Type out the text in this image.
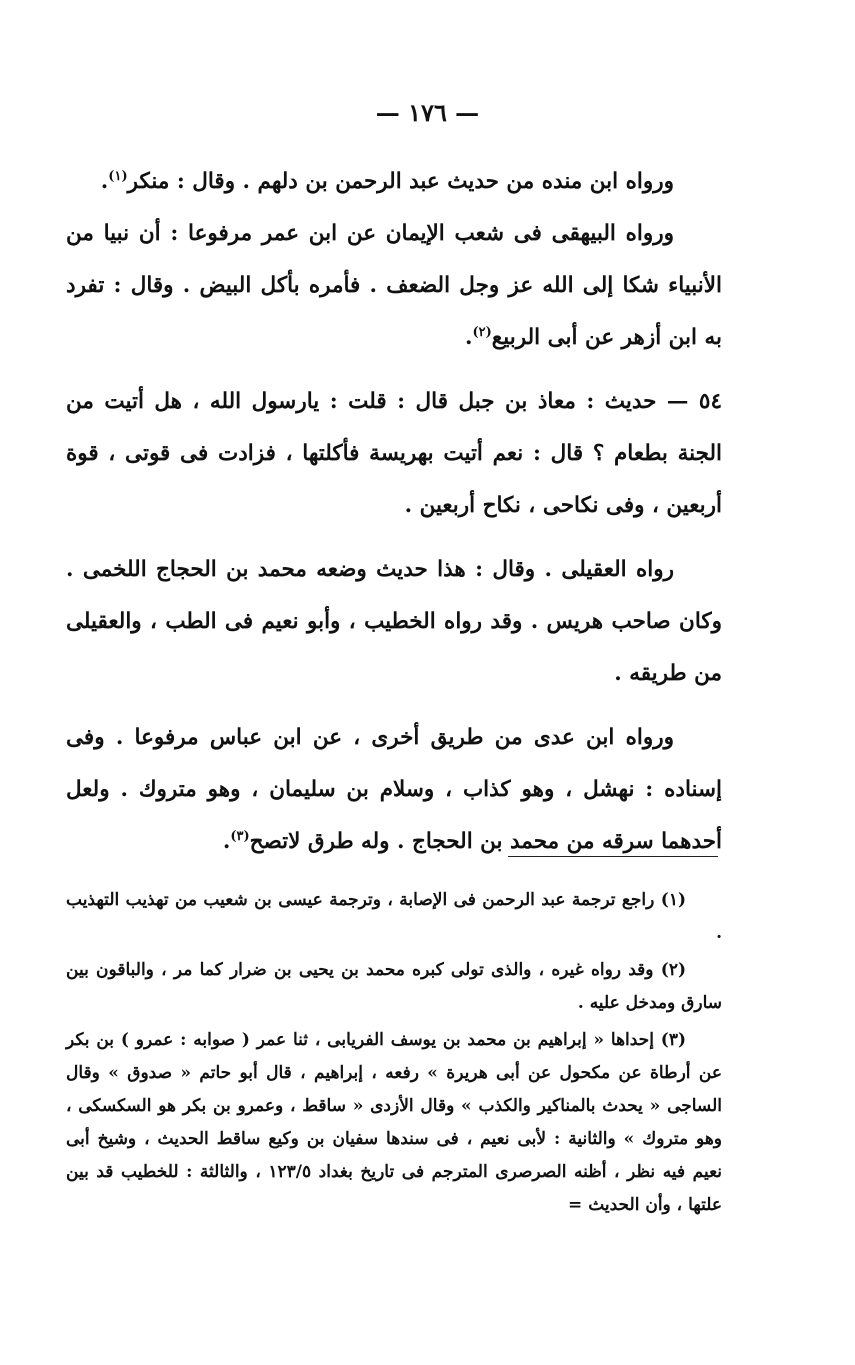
— ١٧٦ —

ورواه ابن منده من حديث عبد الرحمن بن دلهم . وقال : منكر$^{(١)}$.

ورواه البيهقى فى شعب الإيمان عن ابن عمر مرفوعا : أن نبيا من الأنبياء شكا إلى الله عز وجل الضعف . فأمره بأكل البيض . وقال : تفرد به ابن أزهر عن أبى الربيع$^{(٢)}$.

٥٤ — حديث : معاذ بن جبل قال : قلت : يارسول الله ، هل أتيت من الجنة بطعام ؟ قال : نعم أتيت بهريسة فأكلتها ، فزادت فى قوتى ، قوة أربعين ، وفى نكاحى ، نكاح أربعين .

رواه العقيلى . وقال : هذا حديث وضعه محمد بن الحجاج اللخمى . وكان صاحب هريس . وقد رواه الخطيب ، وأبو نعيم فى الطب ، والعقيلى من طريقه .

ورواه ابن عدى من طريق أخرى ، عن ابن عباس مرفوعا . وفى إسناده : نهشل ، وهو كذاب ، وسلام بن سليمان ، وهو متروك . ولعل أحدهما سرقه من محمد بن الحجاج . وله طرق لاتصح$^{(٣)}$.

(١) راجع ترجمة عبد الرحمن فى الإصابة ، وترجمة عيسى بن شعيب من تهذيب التهذيب .

(٢) وقد رواه غيره ، والذى تولى كبره محمد بن يحيى بن ضرار كما مر ، والباقون بين سارق ومدخل عليه .

(٣) إحداها « إبراهيم بن محمد بن يوسف الفريابى ، ثنا عمر ( صوابه : عمرو ) بن بكر عن أرطاة عن مكحول عن أبى هريرة » رفعه ، إبراهيم ، قال أبو حاتم « صدوق » وقال الساجى « يحدث بالمناكير والكذب » وقال الأزدى « ساقط ، وعمرو بن بكر هو السكسكى ، وهو متروك » والثانية : لأبى نعيم ، فى سندها سفيان بن وكيع ساقط الحديث ، وشيخ أبى نعيم فيه نظر ، أظنه الصرصرى المترجم فى تاريخ بغداد ١٢٣/٥ ، والثالثة : للخطيب قد بين علتها ، وأن الحديث =
